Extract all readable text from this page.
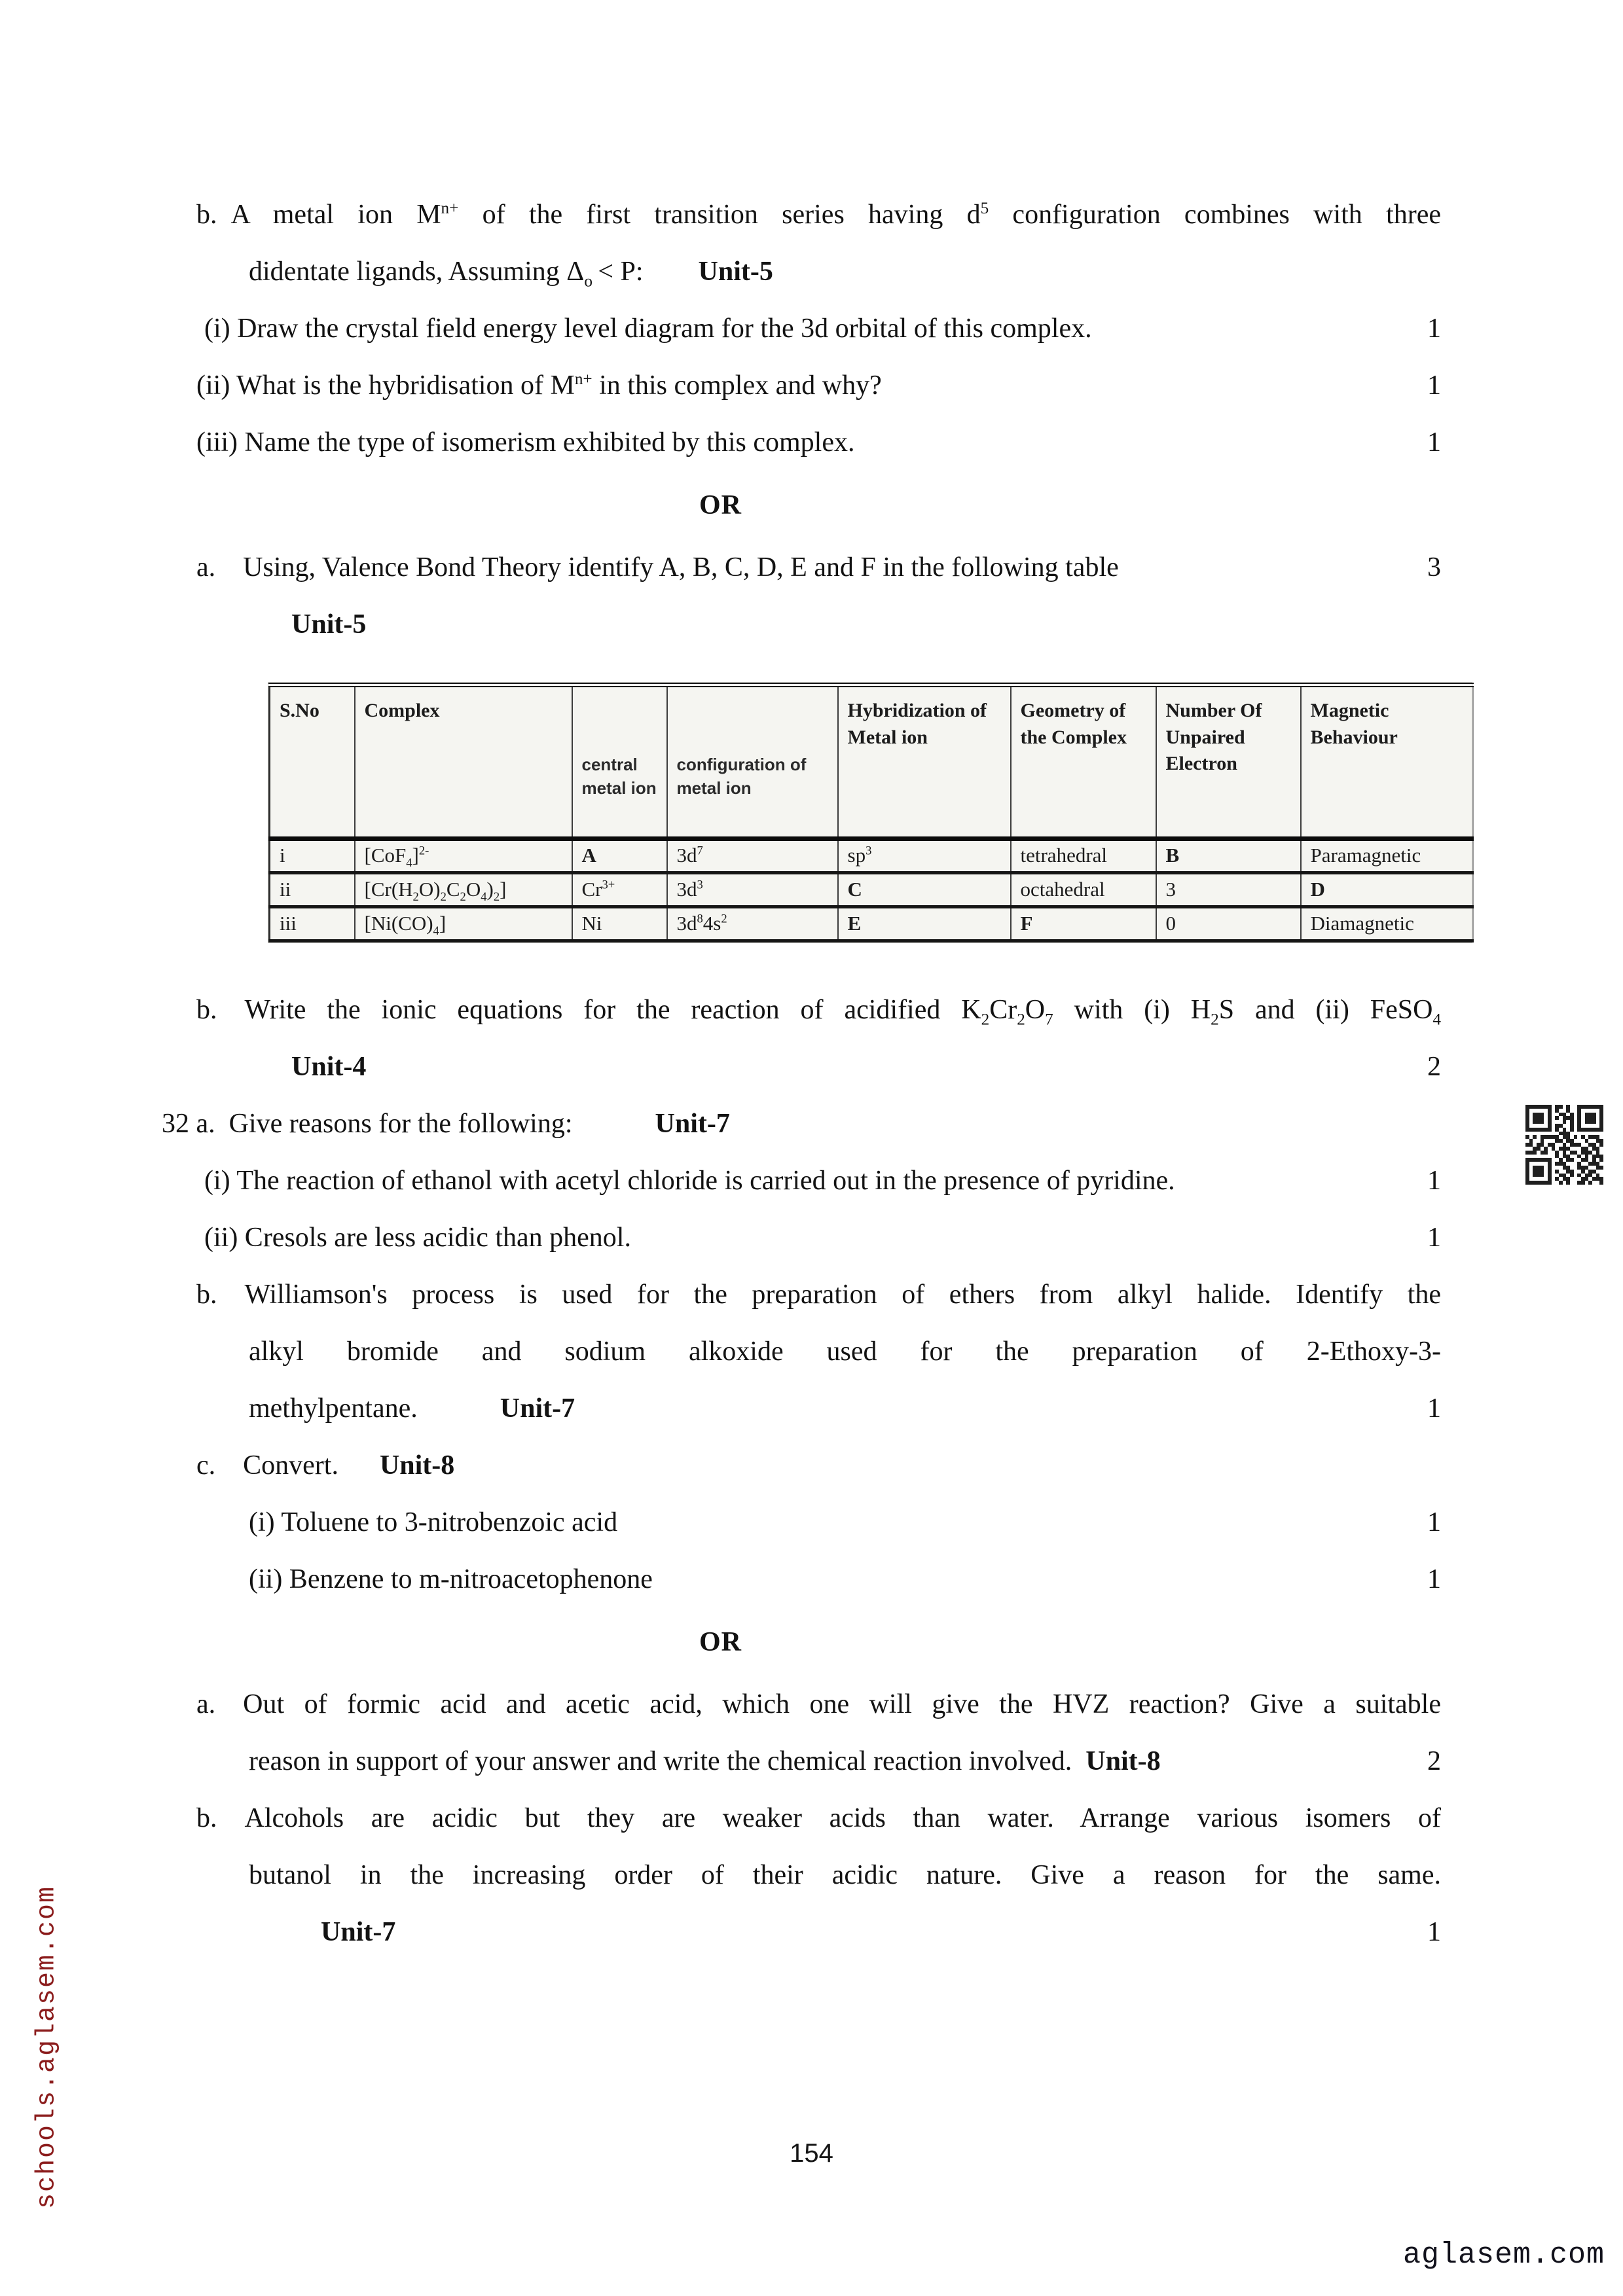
b. A metal ion $M^{n+}$ of the first transition series having $d^5$ configuration combines with three
didentate ligands, Assuming $\Delta_o < P$:  Unit-5
(i) Draw the crystal field energy level diagram for the 3d orbital of this complex.	1
(ii) What is the hybridisation of $M^{n+}$ in this complex and why?	1
(iii) Name the type of isomerism exhibited by this complex.	1
OR
a. Using, Valence Bond Theory identify A, B, C, D, E and F in the following table	3
Unit-5
S.No	Complex	central metal ion	configuration of metal ion	Hybridization of Metal ion	Geometry of the Complex	Number Of Unpaired Electron	Magnetic Behaviour
i	$[CoF_4]^{2-}$	A	$3d^7$	$sp^3$	tetrahedral	B	Paramagnetic
ii	$[Cr(H_2O)_2C_2O_4)_2$]	$Cr^{3+}$	$3d^3$	C	octahedral	3	D
iii	$[Ni(CO)_4]$	Ni	$3d^84s^2$	E	F	0	Diamagnetic
b. Write the ionic equations for the reaction of acidified $K_2Cr_2O_7$ with (i) $H_2S$ and (ii) FeSO$_4$
Unit-4	2
32 a. Give reasons for the following:   Unit-7
(i) The reaction of ethanol with acetyl chloride is carried out in the presence of pyridine.	1
(ii) Cresols are less acidic than phenol.	1
b. Williamson's process is used for the preparation of ethers from alkyl halide. Identify the
alkyl bromide and sodium alkoxide used for the preparation of 2-Ethoxy-3-
methylpentane.   Unit-7	1
c. Convert.  Unit-8
(i) Toluene to 3-nitrobenzoic acid	1
(ii) Benzene to m-nitroacetophenone	1
OR
a. Out of formic acid and acetic acid, which one will give the HVZ reaction? Give a suitable
reason in support of your answer and write the chemical reaction involved. Unit-8	2
b. Alcohols are acidic but they are weaker acids than water. Arrange various isomers of
butanol in the increasing order of their acidic nature. Give a reason for the same.
Unit-7	1
schools.aglasem.com	154
aglasem.com
